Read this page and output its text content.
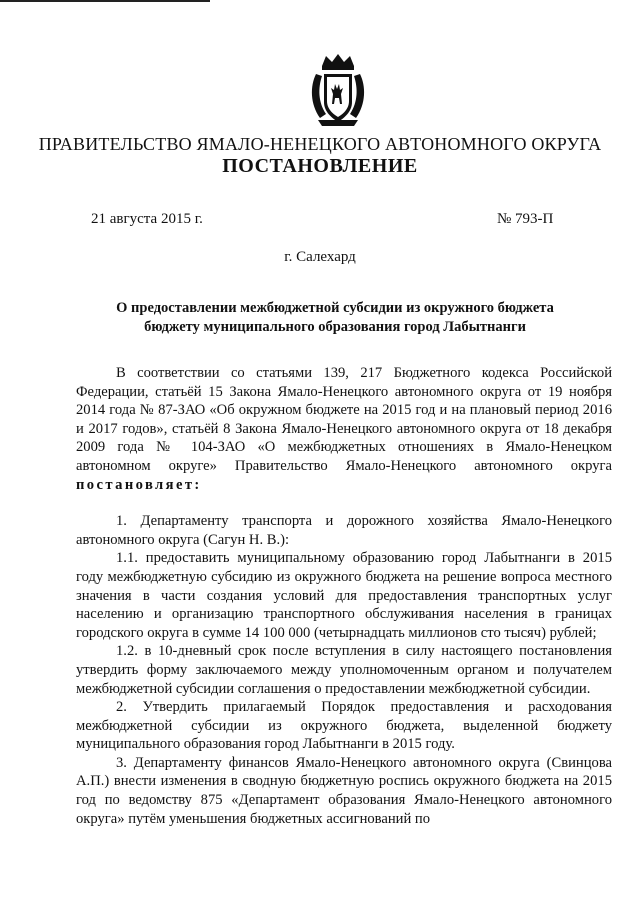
ПРАВИТЕЛЬСТВО ЯМАЛО-НЕНЕЦКОГО АВТОНОМНОГО ОКРУГА
ПОСТАНОВЛЕНИЕ
21 августа 2015 г.	№ 793-П
г. Салехард
О предоставлении межбюджетной субсидии из окружного бюджета
бюджету муниципального образования город Лабытнанги

В соответствии со статьями 139, 217 Бюджетного кодекса Российской Федерации, статьёй 15 Закона Ямало-Ненецкого автономного округа от 19 ноября 2014 года № 87-ЗАО «Об окружном бюджете на 2015 год и на плановый период 2016 и 2017 годов», статьёй 8 Закона Ямало-Ненецкого автономного округа от 18 декабря 2009 года № 104-ЗАО «О межбюджетных отношениях в Ямало-Ненецком автономном округе» Правительство Ямало-Ненецкого автономного округа постановляет:

1. Департаменту транспорта и дорожного хозяйства Ямало-Ненецкого автономного округа (Сагун Н. В.):

1.1. предоставить муниципальному образованию город Лабытнанги в 2015 году межбюджетную субсидию из окружного бюджета на решение вопроса местного значения в части создания условий для предоставления транспортных услуг населению и организацию транспортного обслуживания населения в границах городского округа в сумме 14 100 000 (четырнадцать миллионов сто тысяч) рублей;

1.2. в 10-дневный срок после вступления в силу настоящего постановления утвердить форму заключаемого между уполномоченным органом и получателем межбюджетной субсидии соглашения о предоставлении межбюджетной субсидии.

2. Утвердить прилагаемый Порядок предоставления и расходования межбюджетной субсидии из окружного бюджета, выделенной бюджету муниципального образования город Лабытнанги в 2015 году.

3. Департаменту финансов Ямало-Ненецкого автономного округа (Свинцова А.П.) внести изменения в сводную бюджетную роспись окружного бюджета на 2015 год по ведомству 875 «Департамент образования Ямало-Ненецкого автономного округа» путём уменьшения бюджетных ассигнований по
